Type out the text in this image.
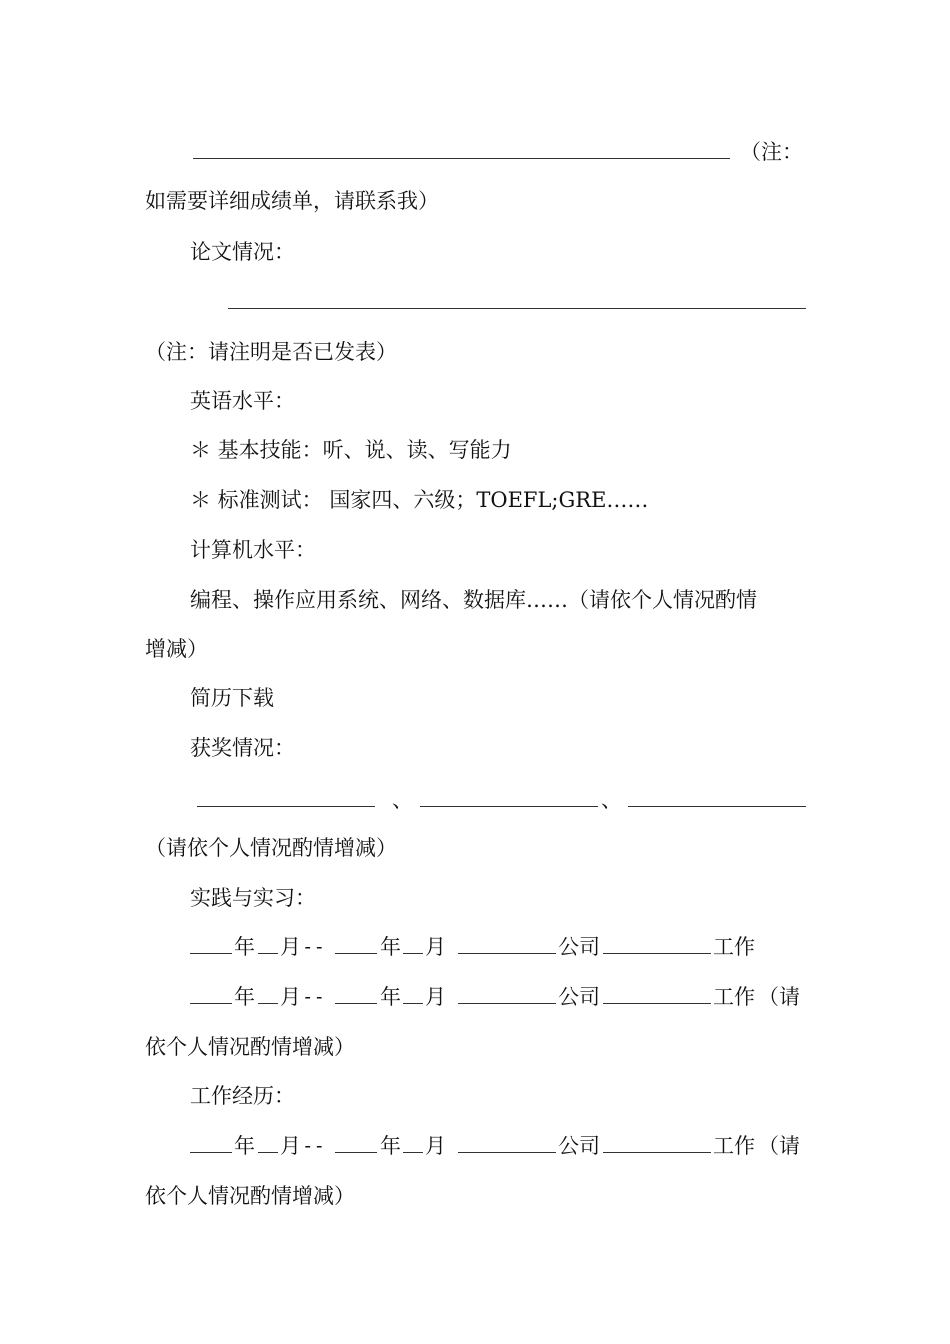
（注：
如需要详细成绩单，请联系我）
论文情况：
（注：请注明是否已发表）
英语水平：
＊ 基本技能：听、说、读、写能力
＊ 标准测试： 国家四、六级；TOEFL;GRE……
计算机水平：
编程、操作应用系统、网络、数据库……（请依个人情况酌情
增减）
简历下载
获奖情况：
、	、
（请依个人情况酌情增减）
实践与实习：
年 月 --	年 月	公司	工作
年 月 --	年 月	公司	工作 （请
依个人情况酌情增减）
工作经历：
年 月 --	年 月	公司	工作 （请
依个人情况酌情增减）
